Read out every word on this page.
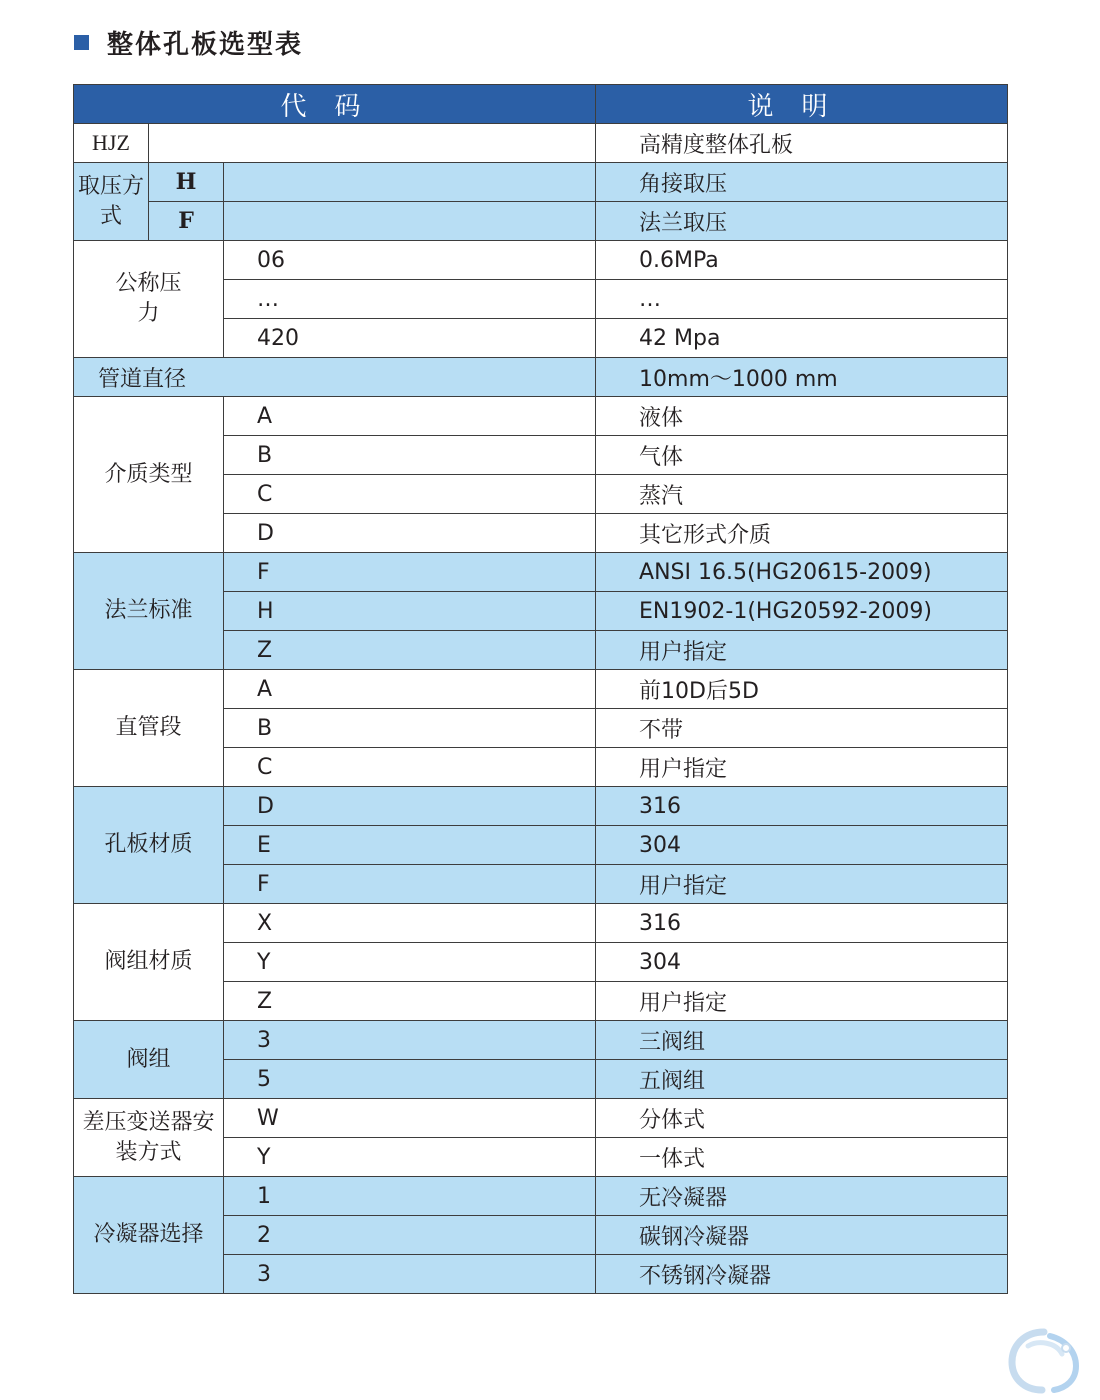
整体孔板选型表
代码			说明
HJZ			高精度整体孔板
取压方式	H		角接取压
	F		法兰取压
公称压力		06	0.6MPa
		…	…
		420	42 Mpa
管道直径			10mm～1000 mm
介质类型		A	液体
		B	气体
		C	蒸汽
		D	其它形式介质
法兰标准		F	ANSI 16.5(HG20615-2009)
		H	EN1902-1(HG20592-2009)
		Z	用户指定
直管段		A	前10D后5D
		B	不带
		C	用户指定
孔板材质		D	316
		E	304
		F	用户指定
阀组材质		X	316
		Y	304
		Z	用户指定
阀组		3	三阀组
		5	五阀组
差压变送器安装方式		W	分体式
		Y	一体式
冷凝器选择		1	无冷凝器
		2	碳钢冷凝器
		3	不锈钢冷凝器
